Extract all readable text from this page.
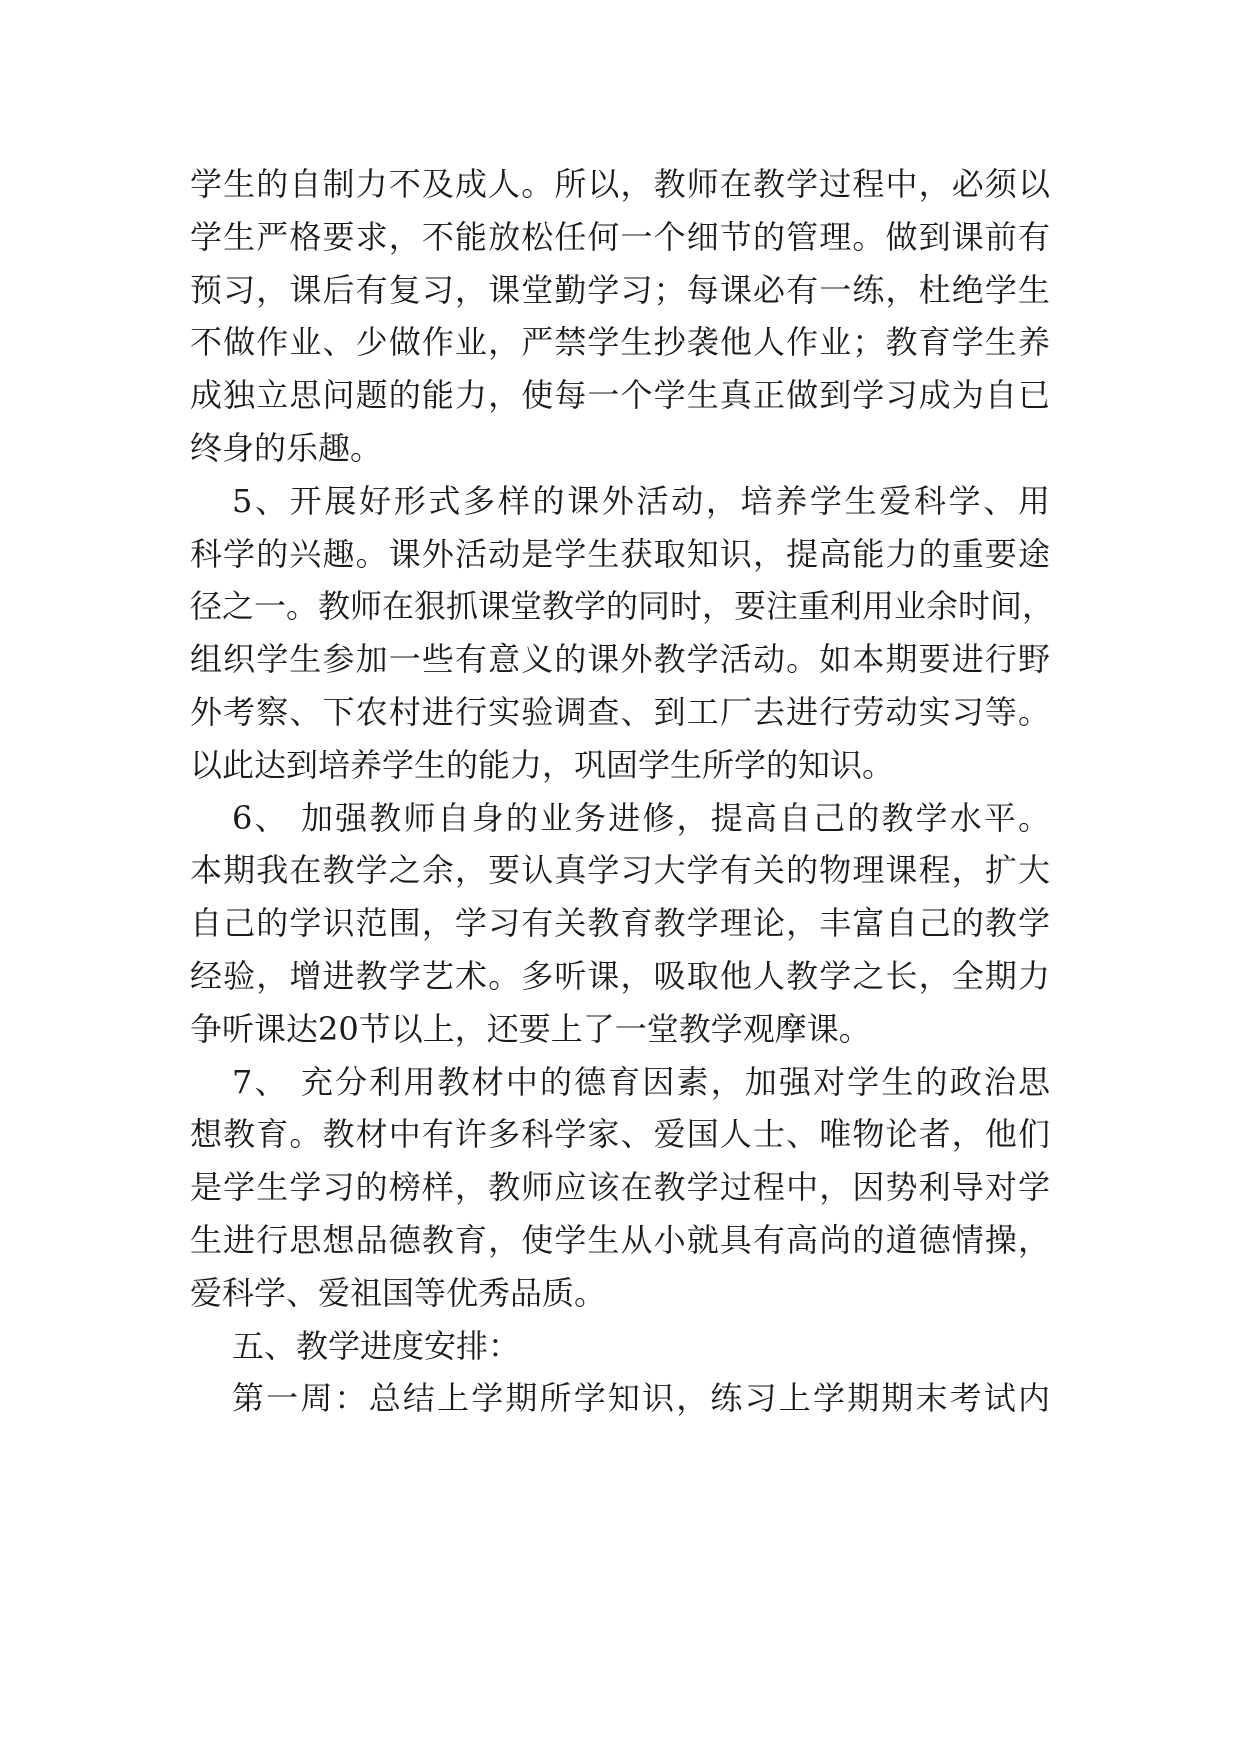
学生的自制力不及成人。所以，教师在教学过程中，必须以
学生严格要求，不能放松任何一个细节的管理。做到课前有
预习，课后有复习，课堂勤学习；每课必有一练，杜绝学生
不做作业、少做作业，严禁学生抄袭他人作业；教育学生养
成独立思问题的能力，使每一个学生真正做到学习成为自已
终身的乐趣。
5、开展好形式多样的课外活动，培养学生爱科学、用
科学的兴趣。课外活动是学生获取知识，提高能力的重要途
径之一。教师在狠抓课堂教学的同时，要注重利用业余时间，
组织学生参加一些有意义的课外教学活动。如本期要进行野
外考察、下农村进行实验调查、到工厂去进行劳动实习等。
以此达到培养学生的能力，巩固学生所学的知识。
6、 加强教师自身的业务进修，提高自己的教学水平。
本期我在教学之余，要认真学习大学有关的物理课程，扩大
自己的学识范围，学习有关教育教学理论，丰富自己的教学
经验，增进教学艺术。多听课，吸取他人教学之长，全期力
争听课达20节以上，还要上了一堂教学观摩课。
7、 充分利用教材中的德育因素，加强对学生的政治思
想教育。教材中有许多科学家、爱国人士、唯物论者，他们
是学生学习的榜样，教师应该在教学过程中，因势利导对学
生进行思想品德教育，使学生从小就具有高尚的道德情操，
爱科学、爱祖国等优秀品质。
五、教学进度安排：
第一周：总结上学期所学知识，练习上学期期末考试内
